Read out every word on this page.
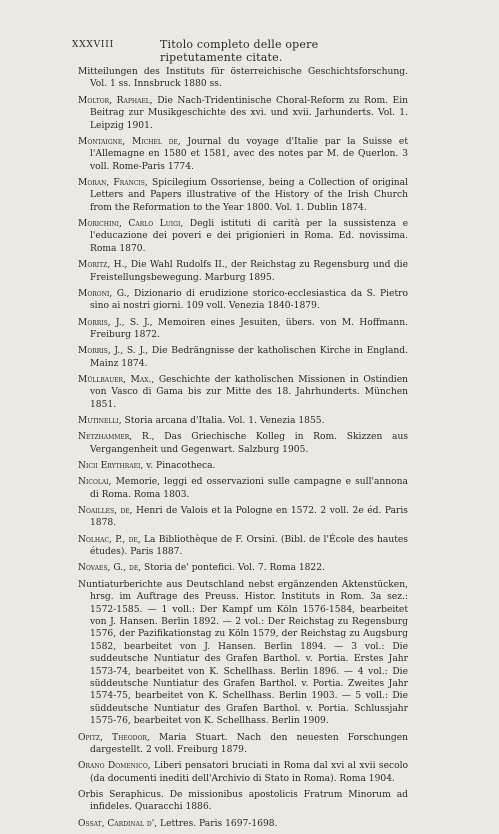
XXXVIII	Titolo completo delle opere ripetutamente citate.
Mitteilungen des Instituts für österreichische Geschichtsforschung. Vol. 1 ss. Innsbruck 1880 ss.
Moltor, Raphael, Die Nach-Tridentinische Choral-Reform zu Rom. Ein Beitrag zur Musikgeschichte des xvi. und xvii. Jarhunderts. Vol. 1. Leipzig 1901.
Montaigne, Michel de, Journal du voyage d'Italie par la Suisse et l'Allemagne en 1580 et 1581, avec des notes par M. de Querlon. 3 voll. Rome-Paris 1774.
Moran, Francis, Spicilegium Ossoriense, being a Collection of original Letters and Papers illustrative of the History of the Irish Church from the Reformation to the Year 1800. Vol. 1. Dublin 1874.
Morichini, Carlo Luigi, Degli istituti di carità per la sussistenza e l'educazione dei poveri e dei prigionieri in Roma. Ed. novissima. Roma 1870.
Moritz, H., Die Wahl Rudolfs II., der Reichstag zu Regensburg und die Freistellungsbewegung. Marburg 1895.
Moroni, G., Dizionario di erudizione storico-ecclesiastica da S. Pietro sino ai nostri giorni. 109 voll. Venezia 1840-1879.
Morris, J., S. J., Memoiren eines Jesuiten, übers. von M. Hoffmann. Freiburg 1872.
Morris, J., S. J., Die Bedrängnisse der katholischen Kirche in England. Mainz 1874.
Müllbauer, Max., Geschichte der katholischen Missionen in Ostindien von Vasco di Gama bis zur Mitte des 18. Jahrhunderts. München 1851.
Mutinelli, Storia arcana d'Italia. Vol. 1. Venezia 1855.
Netzhammer, R., Das Griechische Kolleg in Rom. Skizzen aus Vergangenheit und Gegenwart. Salzburg 1905.
Nicii Erythraei, v. Pinacotheca.
Nicolai, Memorie, leggi ed osservazioni sulle campagne e sull'annona di Roma. Roma 1803.
Noailles, de, Henri de Valois et la Pologne en 1572. 2 voll. 2e éd. Paris 1878.
Nolhac, P., de, La Bibliothèque de F. Orsini. (Bibl. de l'École des hautes études). Paris 1887.
Novaes, G., de, Storia de' pontefici. Vol. 7. Roma 1822.
Nuntiaturberichte aus Deutschland nebst ergänzenden Aktenstücken, hrsg. im Auftrage des Preuss. Histor. Instituts in Rom. 3a sez.: 1572-1585. — 1 voll.: Der Kampf um Köln 1576-1584, bearbeitet von J. Hansen. Berlin 1892. — 2 vol.: Der Reichstag zu Regensburg 1576, der Pazifikationstag zu Köln 1579, der Reichstag zu Augsburg 1582, bearbeitet von J. Hansen. Berlin 1894. — 3 vol.: Die suddeutsche Nuntiatur des Grafen Barthol. v. Portia. Erstes Jahr 1573-74, bearbeitet von K. Schellhass. Berlin 1896. — 4 vol.: Die süddeutsche Nuntiatur des Grafen Barthol. v. Portia. Zweites Jahr 1574-75, bearbeitet von K. Schellhass. Berlin 1903. — 5 voll.: Die süddeutsche Nuntiatur des Grafen Barthol. v. Portia. Schlussjahr 1575-76, bearbeitet von K. Schellhass. Berlin 1909.
Opitz, Theodor, Maria Stuart. Nach den neuesten Forschungen dargestellt. 2 voll. Freiburg 1879.
Orano Domenico, Liberi pensatori bruciati in Roma dal xvi al xvii secolo (da documenti inediti dell'Archivio di Stato in Roma). Roma 1904.
Orbis Seraphicus. De missionibus apostolicis Fratrum Minorum ad infideles. Quaracchi 1886.
Ossat, Cardinal d', Lettres. Paris 1697-1698.
